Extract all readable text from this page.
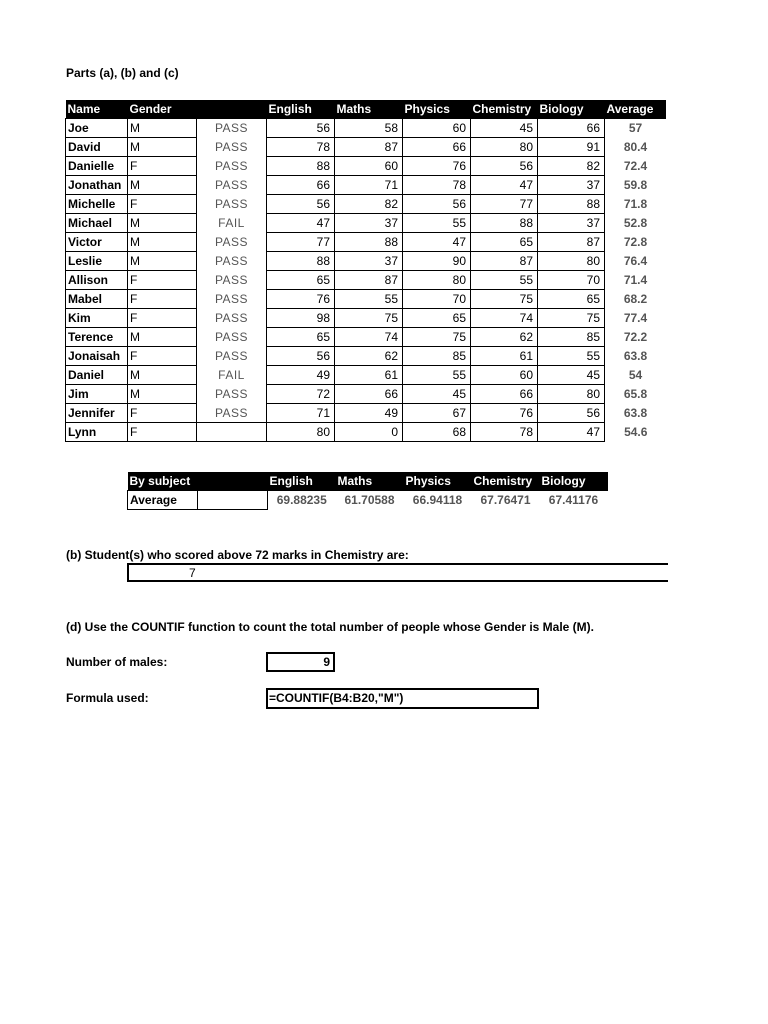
Parts (a), (b) and (c)
Name	Gender		English	Maths	Physics	Chemistry	Biology	Average
Joe	M	PASS	56	58	60	45	66	57
David	M	PASS	78	87	66	80	91	80.4
Danielle	F	PASS	88	60	76	56	82	72.4
Jonathan	M	PASS	66	71	78	47	37	59.8
Michelle	F	PASS	56	82	56	77	88	71.8
Michael	M	FAIL	47	37	55	88	37	52.8
Victor	M	PASS	77	88	47	65	87	72.8
Leslie	M	PASS	88	37	90	87	80	76.4
Allison	F	PASS	65	87	80	55	70	71.4
Mabel	F	PASS	76	55	70	75	65	68.2
Kim	F	PASS	98	75	65	74	75	77.4
Terence	M	PASS	65	74	75	62	85	72.2
Jonaisah	F	PASS	56	62	85	61	55	63.8
Daniel	M	FAIL	49	61	55	60	45	54
Jim	M	PASS	72	66	45	66	80	65.8
Jennifer	F	PASS	71	49	67	76	56	63.8
Lynn	F		80	0	68	78	47	54.6
By subject		English	Maths	Physics	Chemistry	Biology
Average		69.88235	61.70588	66.94118	67.76471	67.41176
(b) Student(s) who scored above 72 marks in Chemistry are:
7
(d) Use the COUNTIF function to count the total number of people whose Gender is Male (M).
Number of males:	9
Formula used:	=COUNTIF(B4:B20,"M")
